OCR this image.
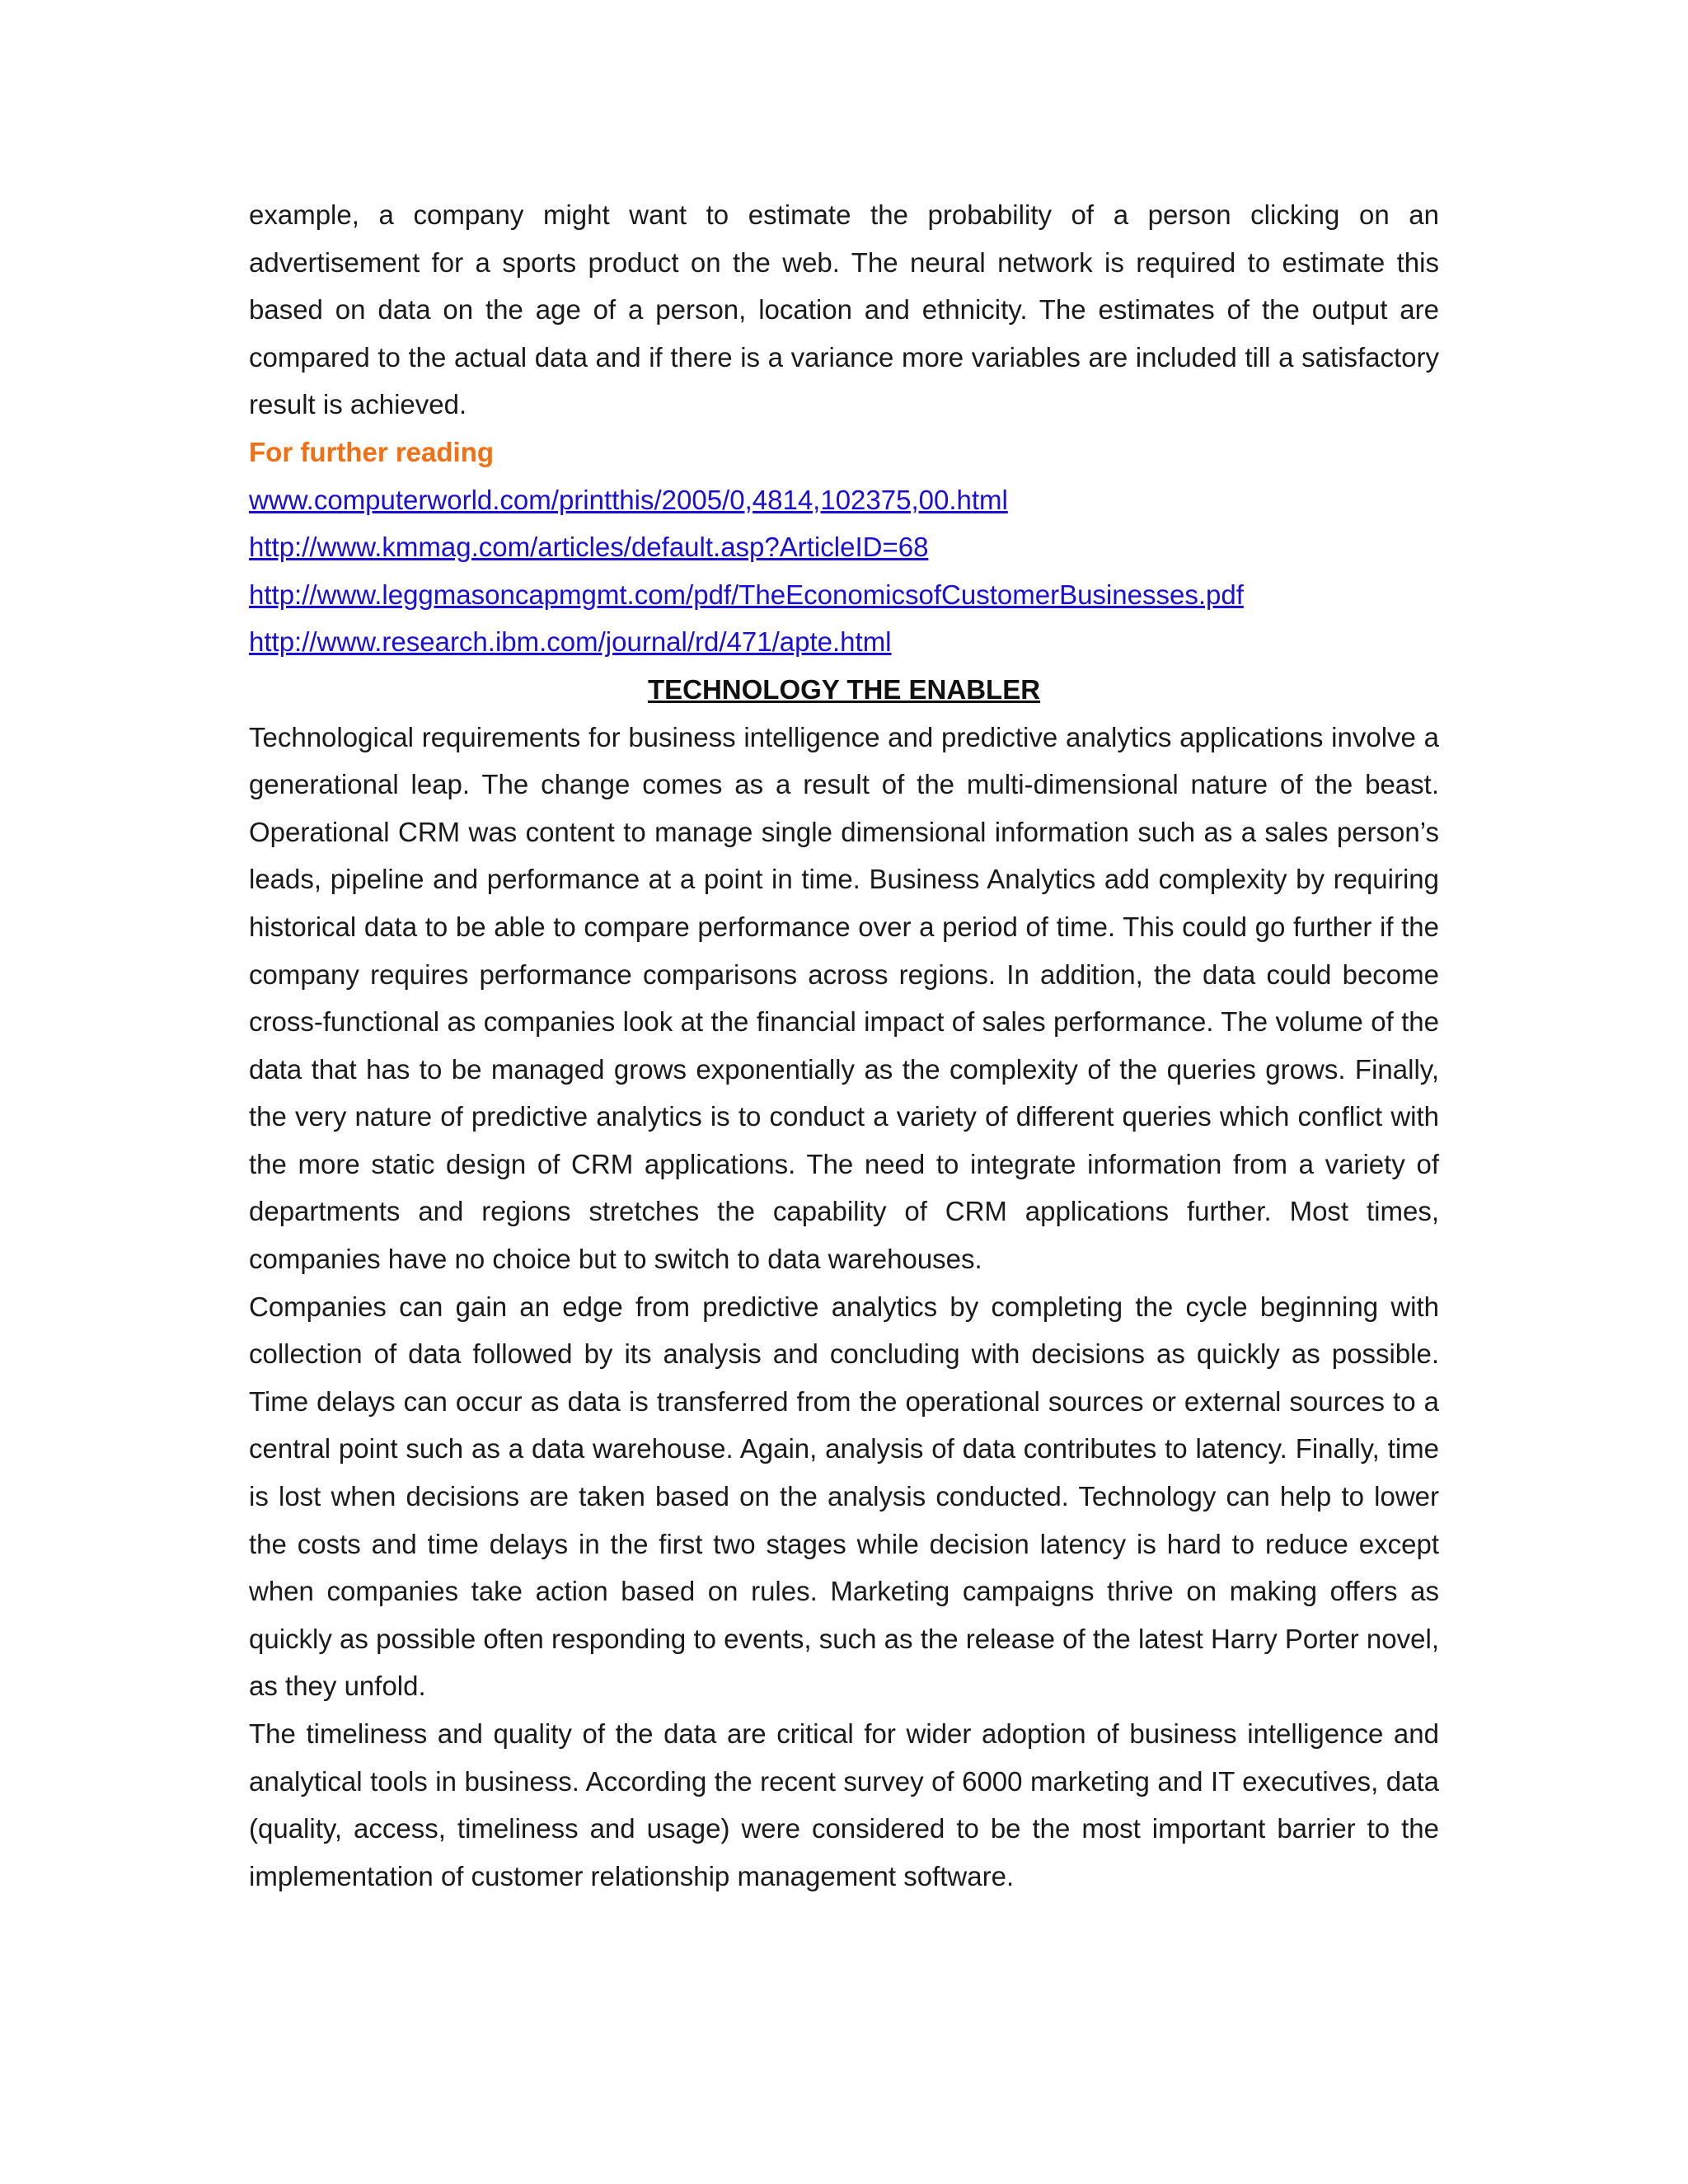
example, a company might want to estimate the probability of a person clicking on an advertisement for a sports product on the web. The neural network is required to estimate this based on data on the age of a person, location and ethnicity. The estimates of the output are compared to the actual data and if there is a variance more variables are included till a satisfactory result is achieved.

For further reading
www.computerworld.com/printthis/2005/0,4814,102375,00.html
http://www.kmmag.com/articles/default.asp?ArticleID=68
http://www.leggmasoncapmgmt.com/pdf/TheEconomicsofCustomerBusinesses.pdf
http://www.research.ibm.com/journal/rd/471/apte.html
TECHNOLOGY THE ENABLER

Technological requirements for business intelligence and predictive analytics applications involve a generational leap. The change comes as a result of the multi-dimensional nature of the beast. Operational CRM was content to manage single dimensional information such as a sales person’s leads, pipeline and performance at a point in time. Business Analytics add complexity by requiring historical data to be able to compare performance over a period of time. This could go further if the company requires performance comparisons across regions. In addition, the data could become cross-functional as companies look at the financial impact of sales performance. The volume of the data that has to be managed grows exponentially as the complexity of the queries grows. Finally, the very nature of predictive analytics is to conduct a variety of different queries which conflict with the more static design of CRM applications. The need to integrate information from a variety of departments and regions stretches the capability of CRM applications further. Most times, companies have no choice but to switch to data warehouses.

Companies can gain an edge from predictive analytics by completing the cycle beginning with collection of data followed by its analysis and concluding with decisions as quickly as possible. Time delays can occur as data is transferred from the operational sources or external sources to a central point such as a data warehouse. Again, analysis of data contributes to latency. Finally, time is lost when decisions are taken based on the analysis conducted. Technology can help to lower the costs and time delays in the first two stages while decision latency is hard to reduce except when companies take action based on rules. Marketing campaigns thrive on making offers as quickly as possible often responding to events, such as the release of the latest Harry Porter novel, as they unfold.

The timeliness and quality of the data are critical for wider adoption of business intelligence and analytical tools in business. According the recent survey of 6000 marketing and IT executives, data (quality, access, timeliness and usage) were considered to be the most important barrier to the implementation of customer relationship management software.
